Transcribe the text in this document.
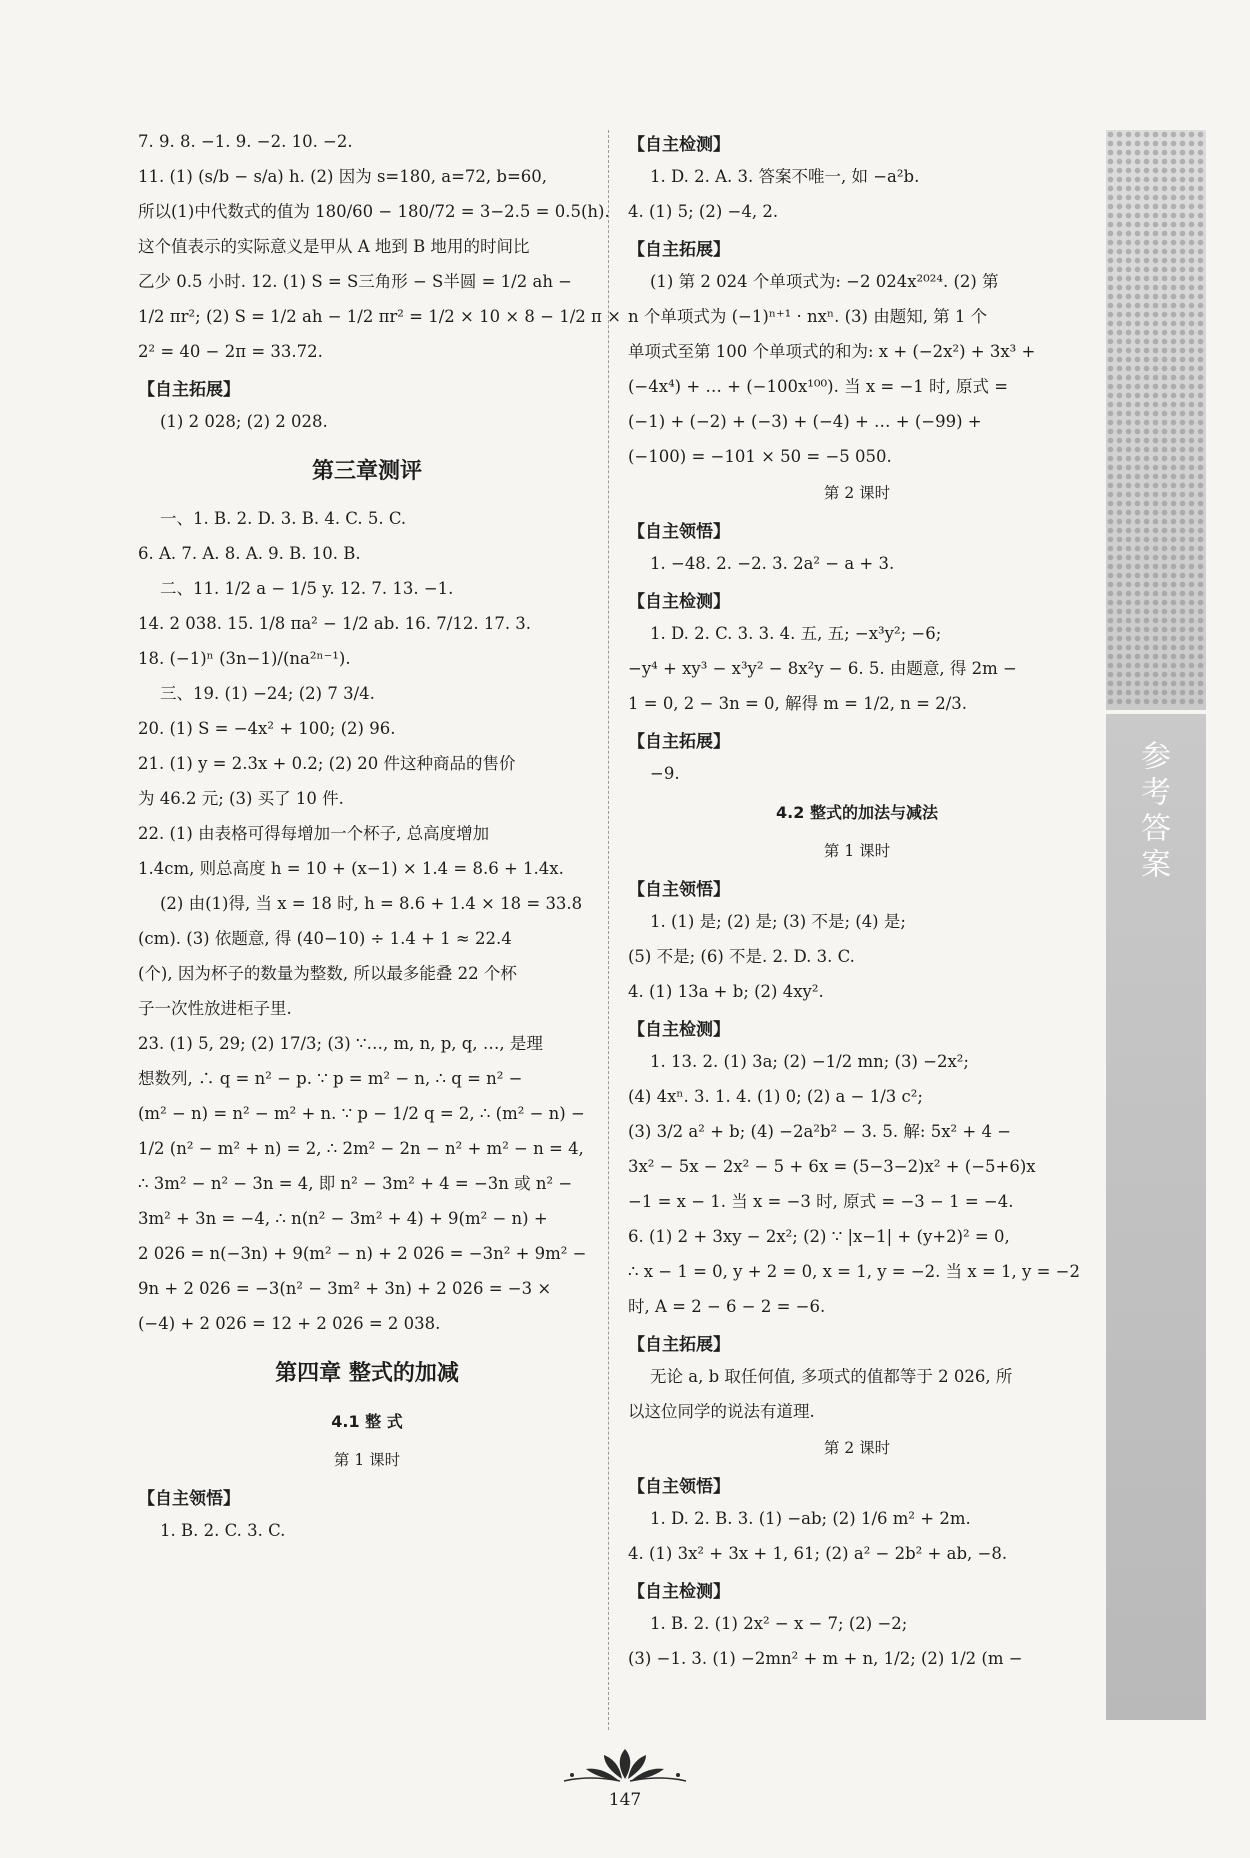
7. 9. 8. −1. 9. −2. 10. −2.

11. (1) (s/b − s/a) h. (2) 因为 s=180, a=72, b=60,

所以(1)中代数式的值为 180/60 − 180/72 = 3−2.5 = 0.5(h).

这个值表示的实际意义是甲从 A 地到 B 地用的时间比

乙少 0.5 小时. 12. (1) S = S三角形 − S半圆 = 1/2 ah −

1/2 πr²; (2) S = 1/2 ah − 1/2 πr² = 1/2 × 10 × 8 − 1/2 π ×

2² = 40 − 2π = 33.72.

【自主拓展】

(1) 2 028; (2) 2 028.

第三章测评

一、1. B. 2. D. 3. B. 4. C. 5. C.

6. A. 7. A. 8. A. 9. B. 10. B.

二、11. 1/2 a − 1/5 y. 12. 7. 13. −1.

14. 2 038. 15. 1/8 πa² − 1/2 ab. 16. 7/12. 17. 3.

18. (−1)ⁿ (3n−1)/(na²ⁿ⁻¹).

三、19. (1) −24; (2) 7 3/4.

20. (1) S = −4x² + 100; (2) 96.

21. (1) y = 2.3x + 0.2; (2) 20 件这种商品的售价

为 46.2 元; (3) 买了 10 件.

22. (1) 由表格可得每增加一个杯子, 总高度增加

1.4cm, 则总高度 h = 10 + (x−1) × 1.4 = 8.6 + 1.4x.

(2) 由(1)得, 当 x = 18 时, h = 8.6 + 1.4 × 18 = 33.8

(cm). (3) 依题意, 得 (40−10) ÷ 1.4 + 1 ≈ 22.4

(个), 因为杯子的数量为整数, 所以最多能叠 22 个杯

子一次性放进柜子里.

23. (1) 5, 29; (2) 17/3; (3) ∵…, m, n, p, q, …, 是理

想数列, ∴ q = n² − p. ∵ p = m² − n, ∴ q = n² −

(m² − n) = n² − m² + n. ∵ p − 1/2 q = 2, ∴ (m² − n) −

1/2 (n² − m² + n) = 2, ∴ 2m² − 2n − n² + m² − n = 4,

∴ 3m² − n² − 3n = 4, 即 n² − 3m² + 4 = −3n 或 n² −

3m² + 3n = −4, ∴ n(n² − 3m² + 4) + 9(m² − n) +

2 026 = n(−3n) + 9(m² − n) + 2 026 = −3n² + 9m² −

9n + 2 026 = −3(n² − 3m² + 3n) + 2 026 = −3 ×

(−4) + 2 026 = 12 + 2 026 = 2 038.

第四章 整式的加减
4.1 整 式
第 1 课时
【自主领悟】

1. B. 2. C. 3. C.

【自主检测】

1. D. 2. A. 3. 答案不唯一, 如 −a²b.

4. (1) 5; (2) −4, 2.

【自主拓展】

(1) 第 2 024 个单项式为: −2 024x²⁰²⁴. (2) 第

n 个单项式为 (−1)ⁿ⁺¹ · nxⁿ. (3) 由题知, 第 1 个

单项式至第 100 个单项式的和为: x + (−2x²) + 3x³ +

(−4x⁴) + … + (−100x¹⁰⁰). 当 x = −1 时, 原式 =

(−1) + (−2) + (−3) + (−4) + … + (−99) +

(−100) = −101 × 50 = −5 050.

第 2 课时
【自主领悟】

1. −48. 2. −2. 3. 2a² − a + 3.

【自主检测】

1. D. 2. C. 3. 3. 4. 五, 五; −x³y²; −6;

−y⁴ + xy³ − x³y² − 8x²y − 6. 5. 由题意, 得 2m −

1 = 0, 2 − 3n = 0, 解得 m = 1/2, n = 2/3.

【自主拓展】

−9.

4.2 整式的加法与减法
第 1 课时
【自主领悟】

1. (1) 是; (2) 是; (3) 不是; (4) 是;

(5) 不是; (6) 不是. 2. D. 3. C.

4. (1) 13a + b; (2) 4xy².

【自主检测】

1. 13. 2. (1) 3a; (2) −1/2 mn; (3) −2x²;

(4) 4xⁿ. 3. 1. 4. (1) 0; (2) a − 1/3 c²;

(3) 3/2 a² + b; (4) −2a²b² − 3. 5. 解: 5x² + 4 −

3x² − 5x − 2x² − 5 + 6x = (5−3−2)x² + (−5+6)x

−1 = x − 1. 当 x = −3 时, 原式 = −3 − 1 = −4.

6. (1) 2 + 3xy − 2x²; (2) ∵ |x−1| + (y+2)² = 0,

∴ x − 1 = 0, y + 2 = 0, x = 1, y = −2. 当 x = 1, y = −2

时, A = 2 − 6 − 2 = −6.

【自主拓展】

无论 a, b 取任何值, 多项式的值都等于 2 026, 所

以这位同学的说法有道理.

第 2 课时
【自主领悟】

1. D. 2. B. 3. (1) −ab; (2) 1/6 m² + 2m.

4. (1) 3x² + 3x + 1, 61; (2) a² − 2b² + ab, −8.

【自主检测】

1. B. 2. (1) 2x² − x − 7; (2) −2;

(3) −1. 3. (1) −2mn² + m + n, 1/2; (2) 1/2 (m −

参考答案
147
